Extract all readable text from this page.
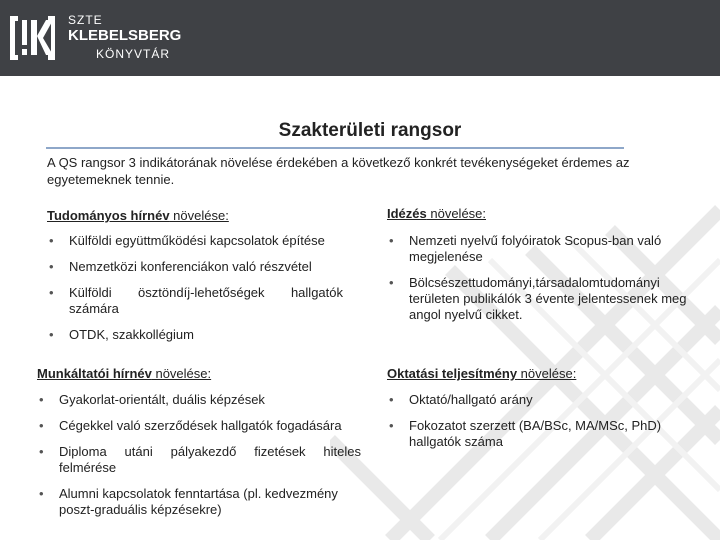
SZTE
KLEBELSBERG
KÖNYVTÁR
Szakterületi rangsor
A QS rangsor 3 indikátorának növelése érdekében a következő konkrét tevékenységeket érdemes az egyetemeknek tennie.
Tudományos hírnév növelése:
• Külföldi együttműködési kapcsolatok építése
• Nemzetközi konferenciákon való részvétel
• Külföldi ösztöndíj-lehetőségek hallgatók számára
• OTDK, szakkollégium
Idézés növelése:
• Nemzeti nyelvű folyóiratok Scopus-ban való megjelenése
• Bölcsészettudományi,társadalomtudományi területen publikálók 3 évente jelentessenek meg angol nyelvű cikket.
Munkáltatói hírnév növelése:
• Gyakorlat-orientált, duális képzések
• Cégekkel való szerződések hallgatók fogadására
• Diploma utáni pályakezdő fizetések hiteles felmérése
• Alumni kapcsolatok fenntartása (pl. kedvezmény poszt-graduális képzésekre)
Oktatási teljesítmény növelése:
• Oktató/hallgató arány
• Fokozatot szerzett (BA/BSc, MA/MSc, PhD) hallgatók száma
